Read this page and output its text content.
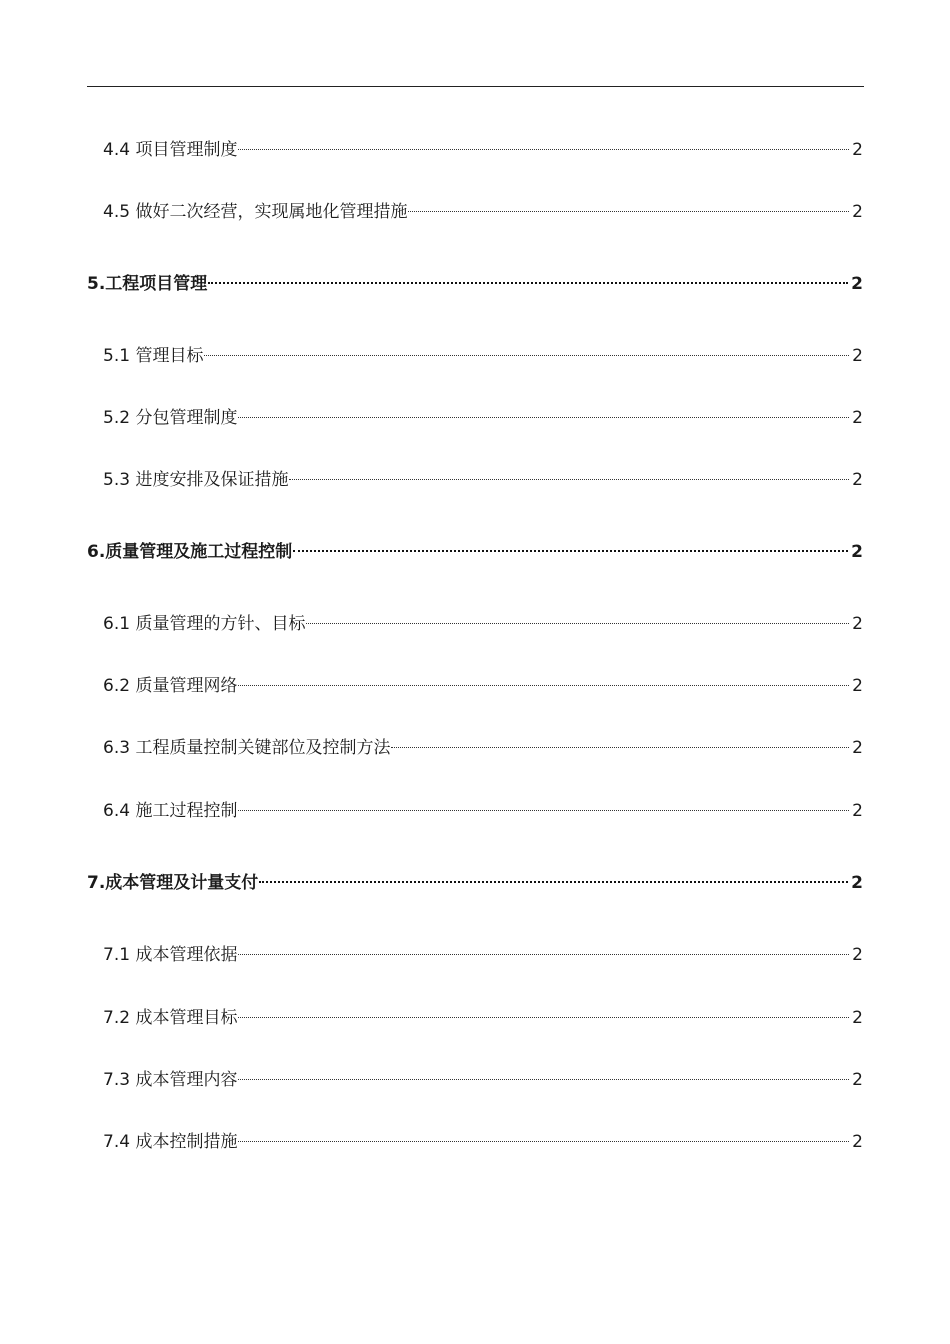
4.4 项目管理制度	2
4.5 做好二次经营，实现属地化管理措施	2
5.工程项目管理	2
5.1 管理目标	2
5.2 分包管理制度	2
5.3 进度安排及保证措施	2
6.质量管理及施工过程控制	2
6.1 质量管理的方针、目标	2
6.2 质量管理网络	2
6.3 工程质量控制关键部位及控制方法	2
6.4 施工过程控制	2
7.成本管理及计量支付	2
7.1 成本管理依据	2
7.2 成本管理目标	2
7.3 成本管理内容	2
7.4 成本控制措施	2
